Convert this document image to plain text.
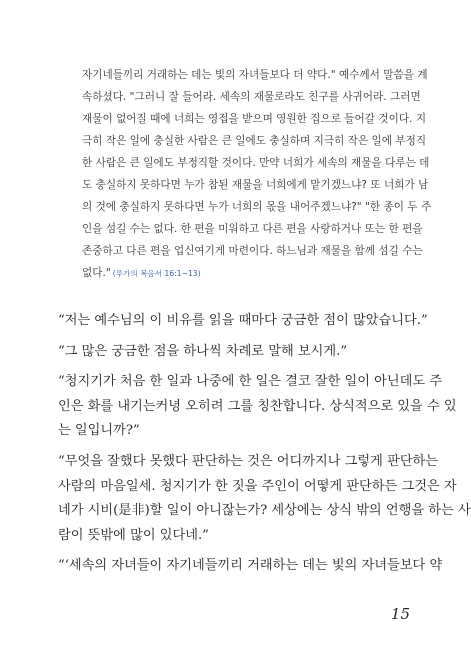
자기네들끼리 거래하는 데는 빛의 자녀들보다 더 약다." 예수께서 말씀을 계
속하셨다. "그러니 잘 들어라. 세속의 재물로라도 친구를 사귀어라. 그러면
재물이 없어질 때에 너희는 영접을 받으며 영원한 집으로 들어갈 것이다. 지
극히 작은 일에 충실한 사람은 큰 일에도 충실하며 지극히 작은 일에 부정직
한 사람은 큰 일에도 부정직할 것이다. 만약 너희가 세속의 재물을 다루는 데
도 충실하지 못하다면 누가 참된 재물을 너희에게 맡기겠느냐? 또 너희가 남
의 것에 충실하지 못하다면 누가 너희의 몫을 내어주겠느냐?" "한 종이 두 주
인을 섬길 수는 없다. 한 편을 미워하고 다른 편을 사랑하거나 또는 한 편을
존중하고 다른 편을 업신여기게 마련이다. 하느님과 재물을 함께 섬길 수는
없다." (루가의 복음서 16:1~13)

“저는 예수님의 이 비유를 읽을 때마다 궁금한 점이 많았습니다.”

“그 많은 궁금한 점을 하나씩 차례로 말해 보시게.”

“청지기가 처음 한 일과 나중에 한 일은 결코 잘한 일이 아닌데도 주
인은 화를 내기는커녕 오히려 그를 칭찬합니다. 상식적으로 있을 수 있
는 일입니까?”

“무엇을 잘했다 못했다 판단하는 것은 어디까지나 그렇게 판단하는
사람의 마음일세. 청지기가 한 짓을 주인이 어떻게 판단하든 그것은 자
네가 시비(是非)할 일이 아니잖는가? 세상에는 상식 밖의 언행을 하는 사
람이 뜻밖에 많이 있다네.”

“‘세속의 자녀들이 자기네들끼리 거래하는 데는 빛의 자녀들보다 약

15
